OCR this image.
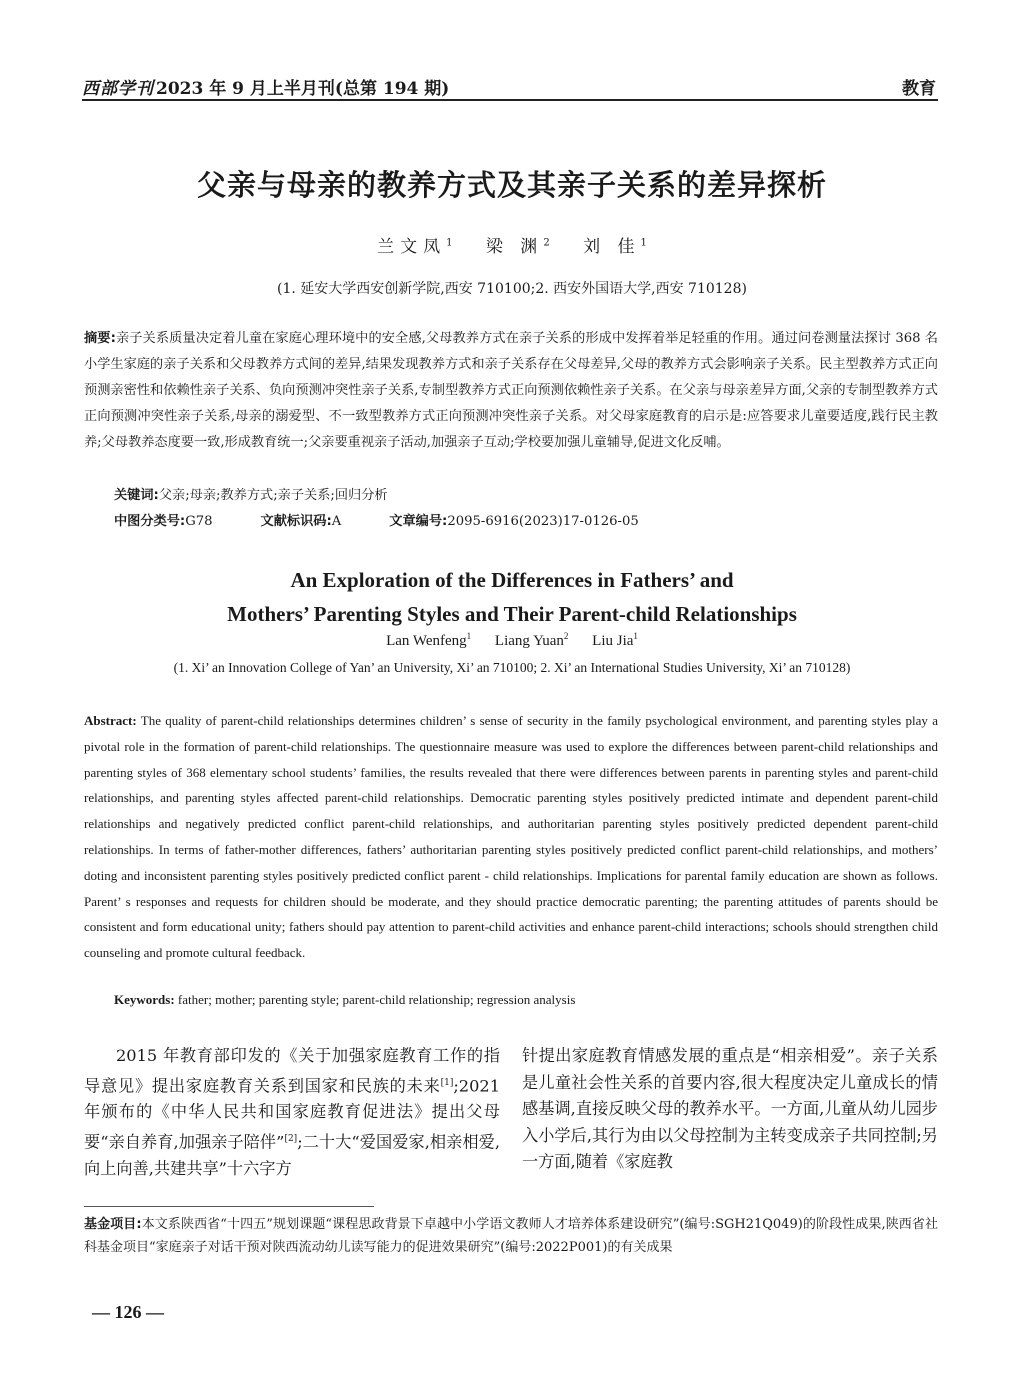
西部学刊 2023 年 9 月上半月刊(总第 194 期)	教育
父亲与母亲的教养方式及其亲子关系的差异探析
兰文凤$^1$ 梁 渊$^2$ 刘 佳$^1$
(1. 延安大学西安创新学院,西安 710100;2. 西安外国语大学,西安 710128)
摘要:亲子关系质量决定着儿童在家庭心理环境中的安全感,父母教养方式在亲子关系的形成中发挥着举足轻重的作用。通过问卷测量法探讨 368 名小学生家庭的亲子关系和父母教养方式间的差异,结果发现教养方式和亲子关系存在父母差异,父母的教养方式会影响亲子关系。民主型教养方式正向预测亲密性和依赖性亲子关系、负向预测冲突性亲子关系,专制型教养方式正向预测依赖性亲子关系。在父亲与母亲差异方面,父亲的专制型教养方式正向预测冲突性亲子关系,母亲的溺爱型、不一致型教养方式正向预测冲突性亲子关系。对父母家庭教育的启示是:应答要求儿童要适度,践行民主教养;父母教养态度要一致,形成教育统一;父亲要重视亲子活动,加强亲子互动;学校要加强儿童辅导,促进文化反哺。
关键词:父亲;母亲;教养方式;亲子关系;回归分析
中图分类号:G78	文献标识码:A	文章编号:2095-6916(2023)17-0126-05
An Exploration of the Differences in Fathers’ and
Mothers’ Parenting Styles and Their Parent-child Relationships
Lan Wenfeng$^1$ Liang Yuan$^2$ Liu Jia$^1$
(1. Xi’ an Innovation College of Yan’ an University, Xi’ an 710100; 2. Xi’ an International Studies University, Xi’ an 710128)
Abstract: The quality of parent-child relationships determines children’ s sense of security in the family psychological environment, and parenting styles play a pivotal role in the formation of parent-child relationships. The questionnaire measure was used to explore the differences between parent-child relationships and parenting styles of 368 elementary school students’ families, the results revealed that there were differences between parents in parenting styles and parent-child relationships, and parenting styles affected parent-child relationships. Democratic parenting styles positively predicted intimate and dependent parent-child relationships and negatively predicted conflict parent-child relationships, and authoritarian parenting styles positively predicted dependent parent-child relationships. In terms of father-mother differences, fathers’ authoritarian parenting styles positively predicted conflict parent-child relationships, and mothers’ doting and inconsistent parenting styles positively predicted conflict parent - child relationships. Implications for parental family education are shown as follows. Parent’ s responses and requests for children should be moderate, and they should practice democratic parenting; the parenting attitudes of parents should be consistent and form educational unity; fathers should pay attention to parent-child activities and enhance parent-child interactions; schools should strengthen child counseling and promote cultural feedback.
Keywords: father; mother; parenting style; parent-child relationship; regression analysis
2015 年教育部印发的《关于加强家庭教育工作的指导意见》提出家庭教育关系到国家和民族的未来[1];2021 年颁布的《中华人民共和国家庭教育促进法》提出父母要“亲自养育,加强亲子陪伴”[2];二十大“爱国爱家,相亲相爱,向上向善,共建共享”十六字方
针提出家庭教育情感发展的重点是“相亲相爱”。亲子关系是儿童社会性关系的首要内容,很大程度决定儿童成长的情感基调,直接反映父母的教养水平。一方面,儿童从幼儿园步入小学后,其行为由以父母控制为主转变成亲子共同控制;另一方面,随着《家庭教
基金项目:本文系陕西省“十四五”规划课题“课程思政背景下卓越中小学语文教师人才培养体系建设研究”(编号:SGH21Q049)的阶段性成果,陕西省社科基金项目“家庭亲子对话干预对陕西流动幼儿读写能力的促进效果研究”(编号:2022P001)的有关成果
— 126 —
